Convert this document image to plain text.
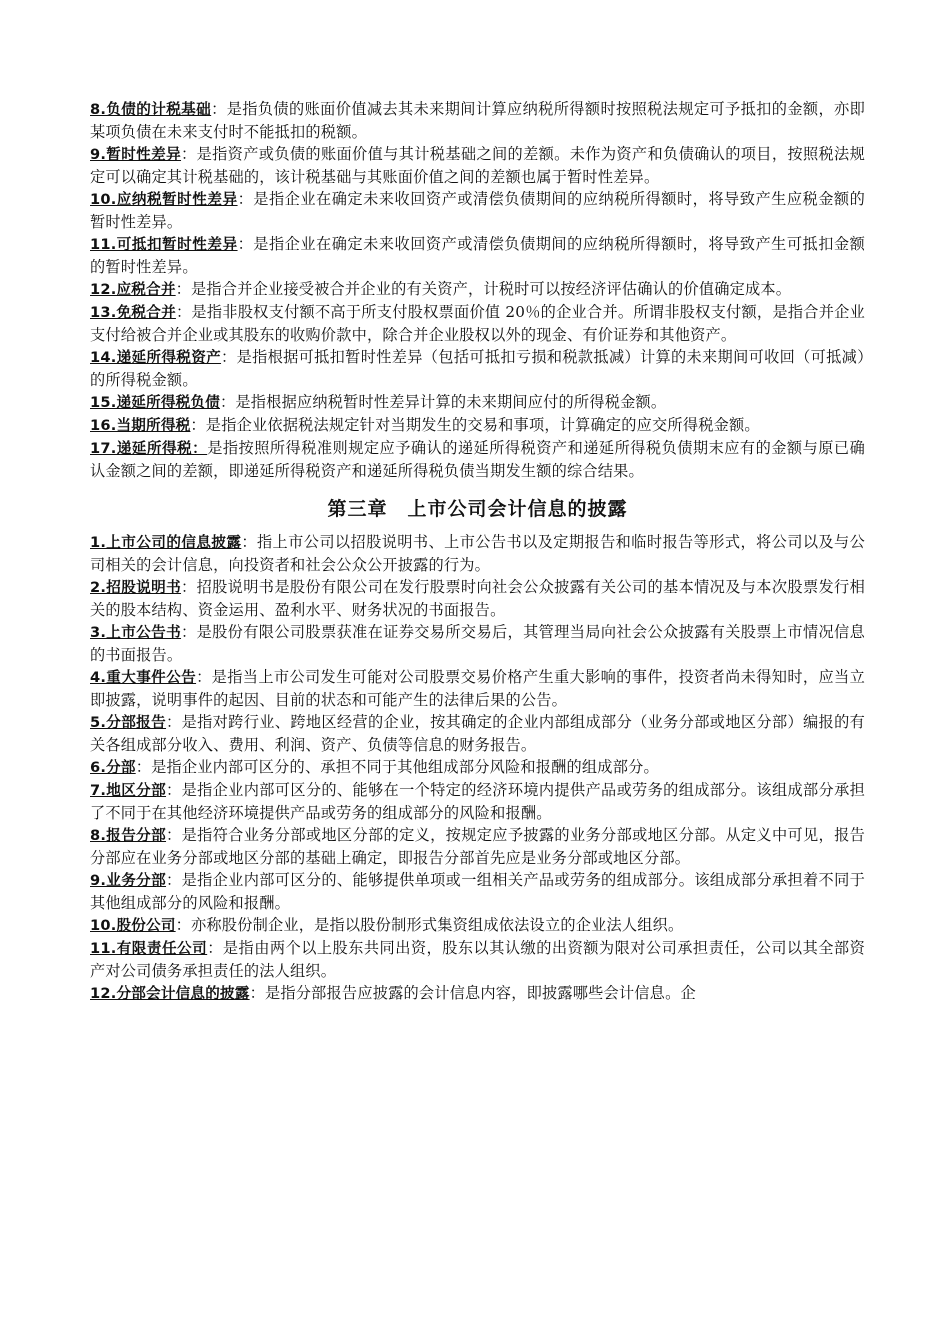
8.负债的计税基础：是指负债的账面价值减去其未来期间计算应纳税所得额时按照税法规定可予抵扣的金额，亦即某项负债在未来支付时不能抵扣的税额。

9.暂时性差异：是指资产或负债的账面价值与其计税基础之间的差额。未作为资产和负债确认的项目，按照税法规定可以确定其计税基础的，该计税基础与其账面价值之间的差额也属于暂时性差异。

10.应纳税暂时性差异：是指企业在确定未来收回资产或清偿负债期间的应纳税所得额时，将导致产生应税金额的暂时性差异。

11.可抵扣暂时性差异：是指企业在确定未来收回资产或清偿负债期间的应纳税所得额时，将导致产生可抵扣金额的暂时性差异。

12.应税合并：是指合并企业接受被合并企业的有关资产，计税时可以按经济评估确认的价值确定成本。

13.免税合并：是指非股权支付额不高于所支付股权票面价值 20％的企业合并。所谓非股权支付额，是指合并企业支付给被合并企业或其股东的收购价款中，除合并企业股权以外的现金、有价证券和其他资产。

14.递延所得税资产：是指根据可抵扣暂时性差异（包括可抵扣亏损和税款抵减）计算的未来期间可收回（可抵减）的所得税金额。

15.递延所得税负债：是指根据应纳税暂时性差异计算的未来期间应付的所得税金额。

16.当期所得税：是指企业依据税法规定针对当期发生的交易和事项，计算确定的应交所得税金额。

17.递延所得税：是指按照所得税准则规定应予确认的递延所得税资产和递延所得税负债期末应有的金额与原已确认金额之间的差额，即递延所得税资产和递延所得税负债当期发生额的综合结果。

第三章　上市公司会计信息的披露

1.上市公司的信息披露：指上市公司以招股说明书、上市公告书以及定期报告和临时报告等形式，将公司以及与公司相关的会计信息，向投资者和社会公众公开披露的行为。

2.招股说明书：招股说明书是股份有限公司在发行股票时向社会公众披露有关公司的基本情况及与本次股票发行相关的股本结构、资金运用、盈利水平、财务状况的书面报告。

3.上市公告书：是股份有限公司股票获准在证券交易所交易后，其管理当局向社会公众披露有关股票上市情况信息的书面报告。

4.重大事件公告：是指当上市公司发生可能对公司股票交易价格产生重大影响的事件，投资者尚未得知时，应当立即披露，说明事件的起因、目前的状态和可能产生的法律后果的公告。

5.分部报告：是指对跨行业、跨地区经营的企业，按其确定的企业内部组成部分（业务分部或地区分部）编报的有关各组成部分收入、费用、利润、资产、负债等信息的财务报告。

6.分部：是指企业内部可区分的、承担不同于其他组成部分风险和报酬的组成部分。

7.地区分部：是指企业内部可区分的、能够在一个特定的经济环境内提供产品或劳务的组成部分。该组成部分承担了不同于在其他经济环境提供产品或劳务的组成部分的风险和报酬。

8.报告分部：是指符合业务分部或地区分部的定义，按规定应予披露的业务分部或地区分部。从定义中可见，报告分部应在业务分部或地区分部的基础上确定，即报告分部首先应是业务分部或地区分部。

9.业务分部：是指企业内部可区分的、能够提供单项或一组相关产品或劳务的组成部分。该组成部分承担着不同于其他组成部分的风险和报酬。

10.股份公司：亦称股份制企业，是指以股份制形式集资组成依法设立的企业法人组织。

11.有限责任公司：是指由两个以上股东共同出资，股东以其认缴的出资额为限对公司承担责任，公司以其全部资产对公司债务承担责任的法人组织。

12.分部会计信息的披露：是指分部报告应披露的会计信息内容，即披露哪些会计信息。企
